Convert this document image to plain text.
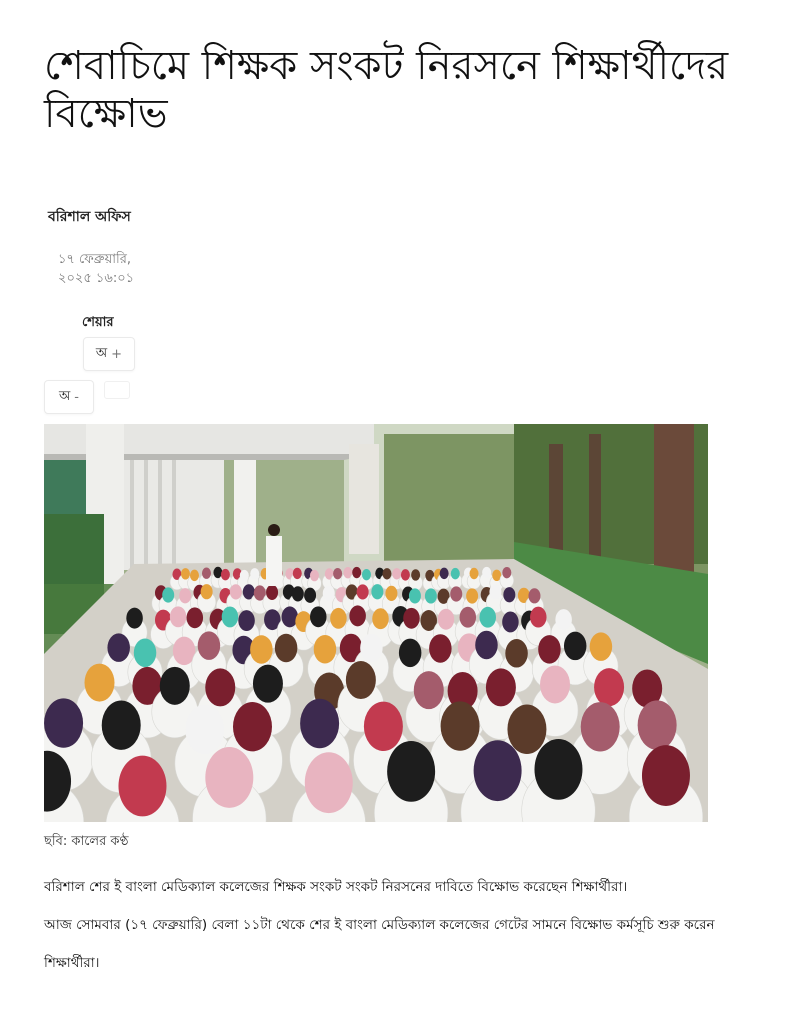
শেবাচিমে শিক্ষক সংকট নিরসনে শিক্ষার্থীদের বিক্ষোভ
বরিশাল অফিস
১৭ ফেব্রুয়ারি, ২০২৫ ১৬:০১
শেয়ার
অ +
অ -
ছবি: কালের কণ্ঠ

বরিশাল শের ই বাংলা মেডিক্যাল কলেজের শিক্ষক সংকট সংকট নিরসনের দাবিতে বিক্ষোভ করেছেন শিক্ষার্থীরা।

আজ সোমবার (১৭ ফেব্রুয়ারি) বেলা ১১টা থেকে শের ই বাংলা মেডিক্যাল কলেজের গেটের সামনে বিক্ষোভ কর্মসূচি শুরু করেন শিক্ষার্থীরা।
